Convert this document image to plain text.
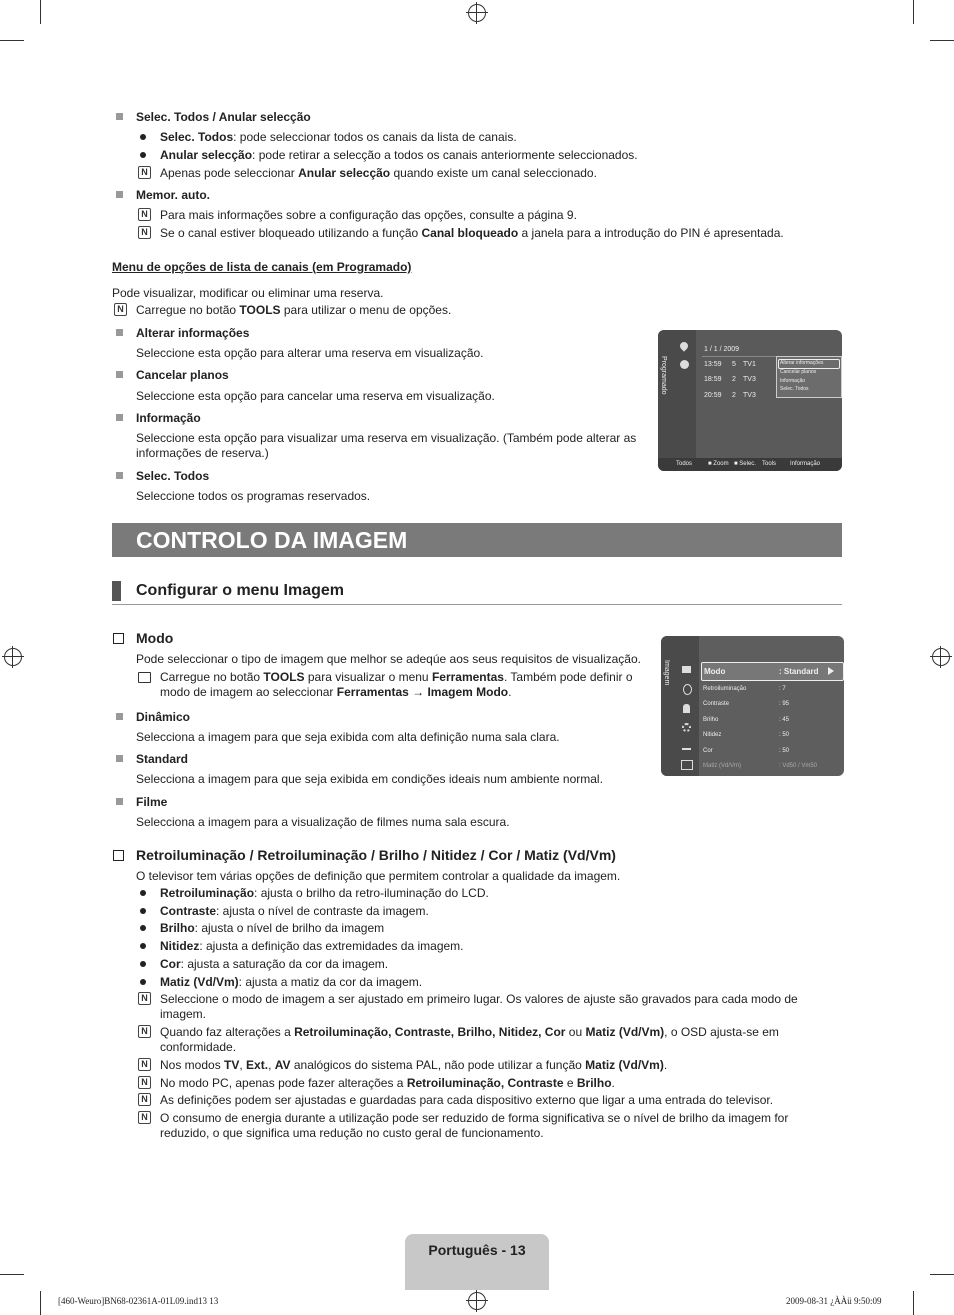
Selec. Todos / Anular selecção
Selec. Todos: pode seleccionar todos os canais da lista de canais.
Anular selecção: pode retirar a selecção a todos os canais anteriormente seleccionados.
N Apenas pode seleccionar Anular selecção quando existe um canal seleccionado.
Memor. auto.
N Para mais informações sobre a configuração das opções, consulte a página 9.
N Se o canal estiver bloqueado utilizando a função Canal bloqueado a janela para a introdução do PIN é apresentada.
Menu de opções de lista de canais (em Programado)
Pode visualizar, modificar ou eliminar uma reserva.
N Carregue no botão TOOLS para utilizar o menu de opções.
Alterar informações
Seleccione esta opção para alterar uma reserva em visualização.
Cancelar planos
Seleccione esta opção para cancelar uma reserva em visualização.
Informação
Seleccione esta opção para visualizar uma reserva em visualização. (Também pode alterar as informações de reserva.)
Selec. Todos
Seleccione todos os programas reservados.
Programado
1 / 1 / 2009
13:59 5 TV1
18:59 2 TV3
20:59 2 TV3
Alterar informações
Cancelar planos
Informação
Selec. Todos
Todos	■ Zoom ■ Selec. Tools Informação
CONTROLO DA IMAGEM
Configurar o menu Imagem
Modo
Pode seleccionar o tipo de imagem que melhor se adeqúe aos seus requisitos de visualização.
Carregue no botão TOOLS para visualizar o menu Ferramentas. Também pode definir o modo de imagem ao seleccionar Ferramentas → Imagem Modo.
Dinâmico
Selecciona a imagem para que seja exibida com alta definição numa sala clara.
Standard
Selecciona a imagem para que seja exibida em condições ideais num ambiente normal.
Filme
Selecciona a imagem para a visualização de filmes numa sala escura.
Imagem	Modo	: Standard
Retroiluminação	: 7
Contraste	: 95
Brilho	: 45
Nitidez	: 50
Cor	: 50
Matiz (Vd/Vm)	: Vd50 / Vm50
Retroiluminação / Retroiluminação / Brilho / Nitidez / Cor / Matiz (Vd/Vm)
O televisor tem várias opções de definição que permitem controlar a qualidade da imagem.
Retroiluminação: ajusta o brilho da retro-iluminação do LCD.
Contraste: ajusta o nível de contraste da imagem.
Brilho: ajusta o nível de brilho da imagem
Nitidez: ajusta a definição das extremidades da imagem.
Cor: ajusta a saturação da cor da imagem.
Matiz (Vd/Vm): ajusta a matiz da cor da imagem.
N Seleccione o modo de imagem a ser ajustado em primeiro lugar. Os valores de ajuste são gravados para cada modo de imagem.
N Quando faz alterações a Retroiluminação, Contraste, Brilho, Nitidez, Cor ou Matiz (Vd/Vm), o OSD ajusta-se em conformidade.
N Nos modos TV, Ext., AV analógicos do sistema PAL, não pode utilizar a função Matiz (Vd/Vm).
N No modo PC, apenas pode fazer alterações a Retroiluminação, Contraste e Brilho.
N As definições podem ser ajustadas e guardadas para cada dispositivo externo que ligar a uma entrada do televisor.
N O consumo de energia durante a utilização pode ser reduzido de forma significativa se o nível de brilho da imagem for reduzido, o que significa uma redução no custo geral de funcionamento.
Português - 13
[460-Weuro]BN68-02361A-01L09.ind13 13	2009-08-31 ¿ÀÀü 9:50:09
